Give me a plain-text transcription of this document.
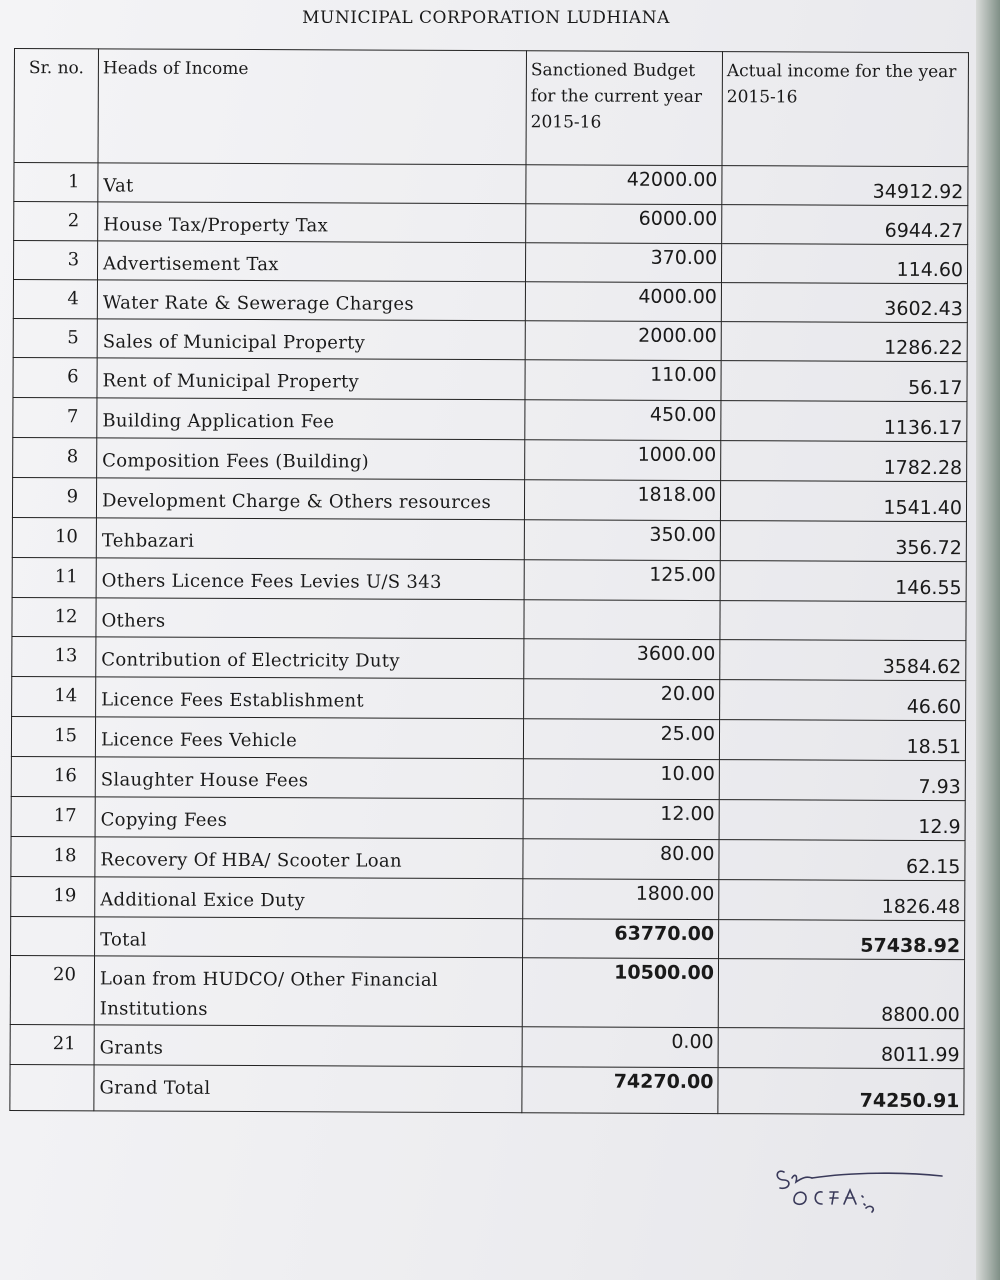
MUNICIPAL CORPORATION LUDHIANA
Sr. no.	Heads of Income	Sanctioned Budget for the current year 2015-16	Actual income for the year 2015-16
1	Vat	42000.00	34912.92
2	House Tax/Property Tax	6000.00	6944.27
3	Advertisement Tax	370.00	114.60
4	Water Rate & Sewerage Charges	4000.00	3602.43
5	Sales of Municipal Property	2000.00	1286.22
6	Rent of Municipal Property	110.00	56.17
7	Building Application Fee	450.00	1136.17
8	Composition Fees (Building)	1000.00	1782.28
9	Development Charge & Others resources	1818.00	1541.40
10	Tehbazari	350.00	356.72
11	Others Licence Fees Levies U/S 343	125.00	146.55
12	Others		
13	Contribution of Electricity Duty	3600.00	3584.62
14	Licence Fees Establishment	20.00	46.60
15	Licence Fees Vehicle	25.00	18.51
16	Slaughter House Fees	10.00	7.93
17	Copying Fees	12.00	12.9
18	Recovery Of HBA/ Scooter Loan	80.00	62.15
19	Additional Exice Duty	1800.00	1826.48
	Total	63770.00	57438.92
20	Loan from HUDCO/ Other Financial Institutions	10500.00	8800.00
21	Grants	0.00	8011.99
	Grand Total	74270.00	74250.91
